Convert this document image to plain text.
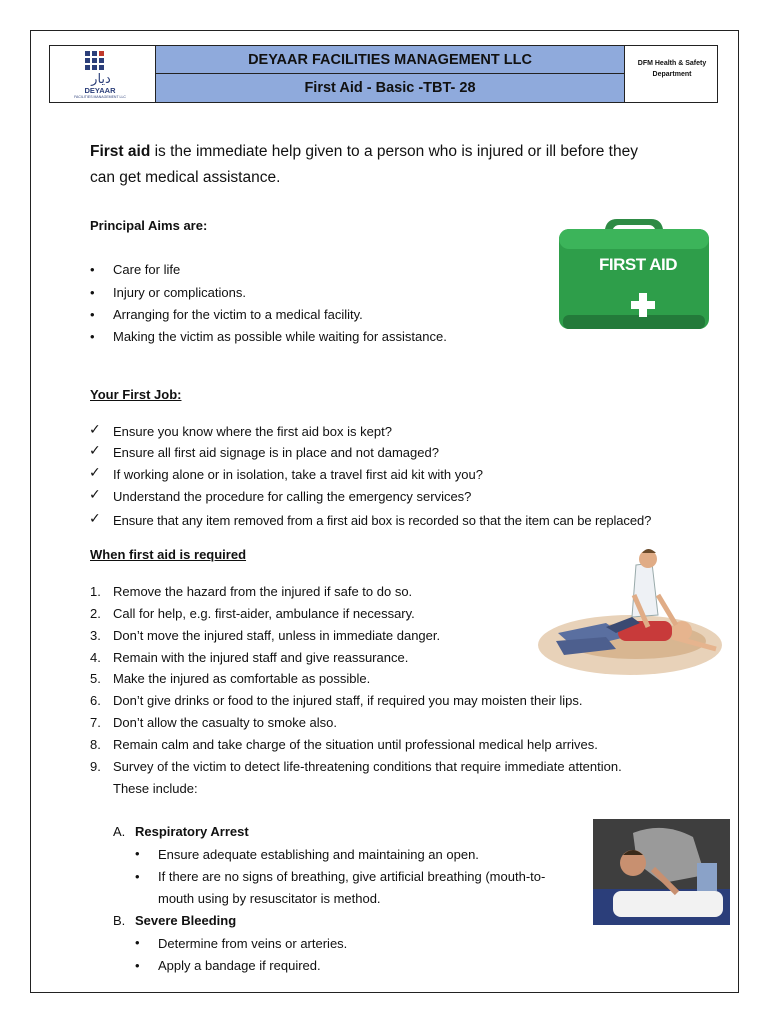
ديار
DEYAAR
FACILITIES MANAGEMENT LLC
DEYAAR FACILITIES MANAGEMENT LLC
First Aid - Basic -TBT- 28
DFM Health & Safety
Department
First aid is the immediate help given to a person who is injured or ill before they
can get medical assistance.
Principal Aims are:
• Care for life
• Injury or complications.
• Arranging for the victim to a medical facility.
• Making the victim as possible while waiting for assistance.
FIRST AID
Your First Job:
✓ Ensure you know where the first aid box is kept?
✓ Ensure all first aid signage is in place and not damaged?
✓ If working alone or in isolation, take a travel first aid kit with you?
✓ Understand the procedure for calling the emergency services?
✓ Ensure that any item removed from a first aid box is recorded so that the item can be replaced?
When first aid is required
1. Remove the hazard from the injured if safe to do so.
2. Call for help, e.g. first-aider, ambulance if necessary.
3. Don’t move the injured staff, unless in immediate danger.
4. Remain with the injured staff and give reassurance.
5. Make the injured as comfortable as possible.
6. Don’t give drinks or food to the injured staff, if required you may moisten their lips.
7. Don’t allow the casualty to smoke also.
8. Remain calm and take charge of the situation until professional medical help arrives.
9. Survey of the victim to detect life-threatening conditions that require immediate attention.
These include:
A. Respiratory Arrest
• Ensure adequate establishing and maintaining an open.
• If there are no signs of breathing, give artificial breathing (mouth-to-
mouth using by resuscitator is method.
B. Severe Bleeding
• Determine from veins or arteries.
• Apply a bandage if required.
